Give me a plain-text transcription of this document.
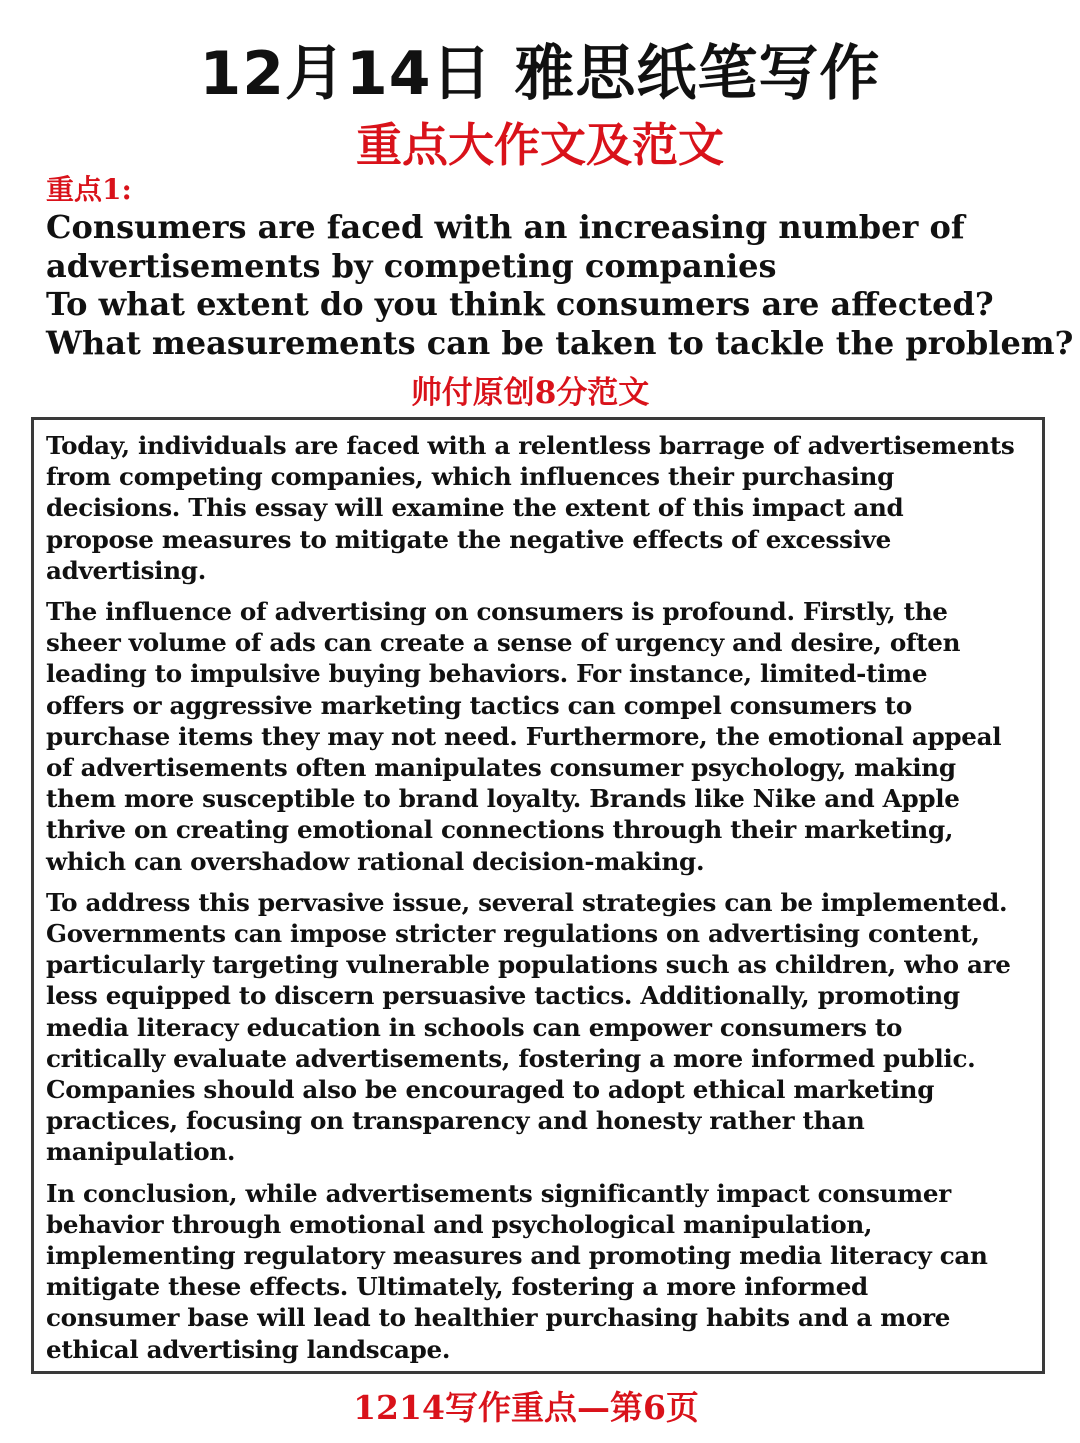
12月14日 雅思纸笔写作
重点大作文及范文
重点1:
Consumers are faced with an increasing number of
advertisements by competing companies
To what extent do you think consumers are affected?
What measurements can be taken to tackle the problem?
帅付原创8分范文

Today, individuals are faced with a relentless barrage of advertisements
from competing companies, which influences their purchasing
decisions. This essay will examine the extent of this impact and
propose measures to mitigate the negative effects of excessive
advertising.

The influence of advertising on consumers is profound. Firstly, the
sheer volume of ads can create a sense of urgency and desire, often
leading to impulsive buying behaviors. For instance, limited-time
offers or aggressive marketing tactics can compel consumers to
purchase items they may not need. Furthermore, the emotional appeal
of advertisements often manipulates consumer psychology, making
them more susceptible to brand loyalty. Brands like Nike and Apple
thrive on creating emotional connections through their marketing,
which can overshadow rational decision-making.

To address this pervasive issue, several strategies can be implemented.
Governments can impose stricter regulations on advertising content,
particularly targeting vulnerable populations such as children, who are
less equipped to discern persuasive tactics. Additionally, promoting
media literacy education in schools can empower consumers to
critically evaluate advertisements, fostering a more informed public.
Companies should also be encouraged to adopt ethical marketing
practices, focusing on transparency and honesty rather than
manipulation.

In conclusion, while advertisements significantly impact consumer
behavior through emotional and psychological manipulation,
implementing regulatory measures and promoting media literacy can
mitigate these effects. Ultimately, fostering a more informed
consumer base will lead to healthier purchasing habits and a more
ethical advertising landscape.

1214写作重点—第6页
